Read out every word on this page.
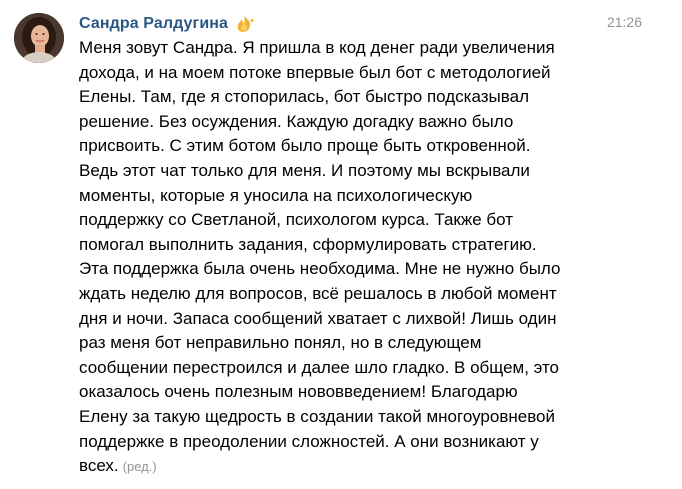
Сандра Ралдугина	21:26
Меня зовут Сандра. Я пришла в код денег ради увеличения
дохода, и на моем потоке впервые был бот с методологией
Елены. Там, где я стопорилась, бот быстро подсказывал
решение. Без осуждения. Каждую догадку важно было
присвоить. С этим ботом было проще быть откровенной.
Ведь этот чат только для меня. И поэтому мы вскрывали
моменты, которые я уносила на психологическую
поддержку со Светланой, психологом курса. Также бот
помогал выполнить задания, сформулировать стратегию.
Эта поддержка была очень необходима. Мне не нужно было
ждать неделю для вопросов, всё решалось в любой момент
дня и ночи. Запаса сообщений хватает с лихвой! Лишь один
раз меня бот неправильно понял, но в следующем
сообщении перестроился и далее шло гладко. В общем, это
оказалось очень полезным нововведением! Благодарю
Елену за такую щедрость в создании такой многоуровневой
поддержке в преодолении сложностей. А они возникают у
всех. (ред.)
